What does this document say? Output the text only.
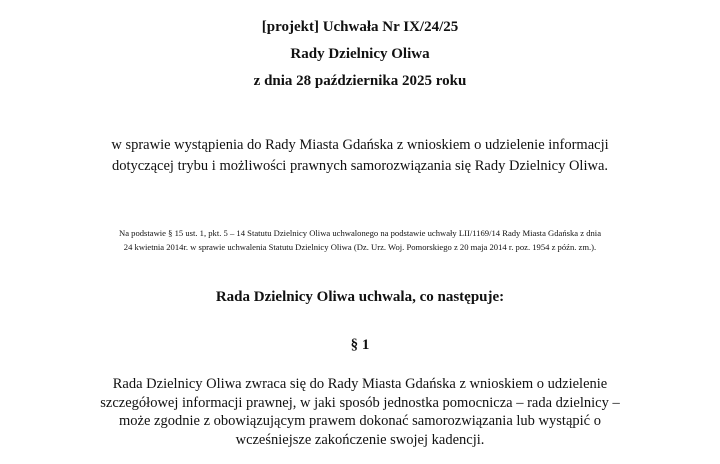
[projekt] Uchwała Nr IX/24/25
Rady Dzielnicy Oliwa
z dnia 28 października 2025 roku
w sprawie wystąpienia do Rady Miasta Gdańska z wnioskiem o udzielenie informacji
dotyczącej trybu i możliwości prawnych samorozwiązania się Rady Dzielnicy Oliwa.
Na podstawie § 15 ust. 1, pkt. 5 – 14 Statutu Dzielnicy Oliwa uchwalonego na podstawie uchwały LII/1169/14 Rady Miasta Gdańska z dnia
24 kwietnia 2014r. w sprawie uchwalenia Statutu Dzielnicy Oliwa (Dz. Urz. Woj. Pomorskiego z 20 maja 2014 r. poz. 1954 z późn. zm.).
Rada Dzielnicy Oliwa uchwala, co następuje:
§ 1
Rada Dzielnicy Oliwa zwraca się do Rady Miasta Gdańska z wnioskiem o udzielenie
szczegółowej informacji prawnej, w jaki sposób jednostka pomocnicza – rada dzielnicy –
może zgodnie z obowiązującym prawem dokonać samorozwiązania lub wystąpić o
wcześniejsze zakończenie swojej kadencji.
